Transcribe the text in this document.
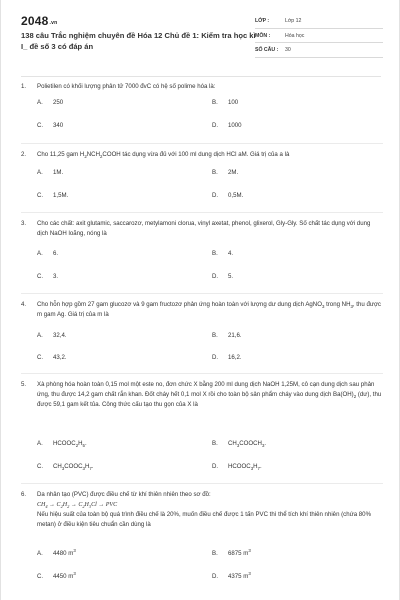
2048.vn
138 câu Trắc nghiệm chuyên đề Hóa 12 Chủ đề 1: Kiểm tra học kì I_ đề số 3 có đáp án
LỚP :	Lớp 12
MÔN :	Hóa học
SỐ CÂU : 30
1.	Polietilen có khối lượng phân tử 7000 đvC có hệ số polime hóa là:
A. 250	B. 100
C. 340	D. 1000
2.	Cho 11,25 gam $H_2NCH_2COOH$ tác dụng vừa đủ với 100 ml dung dịch HCl aM. Giá trị của a là
A. 1M.	B. 2M.
C. 1,5M.	D. 0,5M.
3.	Cho các chất: axit glutamic, saccarozơ, metylamoni clorua, vinyl axetat, phenol, glixerol, Gly-Gly. Số chất tác dụng với dung dịch NaOH loãng, nóng là
A. 6.	B. 4.
C. 3.	D. 5.
4.	Cho hỗn hợp gồm 27 gam glucozơ và 9 gam fructozơ phản ứng hoàn toàn với lượng dư dung dịch AgNO$_3$ trong $NH_3$, thu được m gam Ag. Giá trị của m là
A. 32,4.	B. 21,6.
C. 43,2.	D. 16,2.
5.	Xà phòng hóa hoàn toàn 0,15 mol một este no, đơn chức X bằng 200 ml dung dịch NaOH 1,25M, cô cạn dung dịch sau phản ứng, thu được 14,2 gam chất rắn khan. Đốt cháy hết 0,1 mol X rồi cho toàn bộ sản phẩm cháy vào dung dịch $Ba(OH)_2$ (dư), thu được 59,1 gam kết tủa. Công thức cấu tạo thu gọn của X là
A. $HCOOC_2H_5$.	B. $CH_3COOCH_3$.
C. $CH_3COOC_3H_7$.	D. $HCOOC_3H_7$.
6.	Da nhân tạo (PVC) được điều chế từ khí thiên nhiên theo sơ đồ:
$CH_4 \to C_2H_2 \to C_2H_3Cl$ → PVC
Nếu hiệu suất của toàn bộ quá trình điều chế là 20%, muốn điều chế được 1 tấn PVC thì thể tích khí thiên nhiên (chứa 80% metan) ở điều kiện tiêu chuẩn cần dùng là
A. 4480 $m^3$	B. 6875 $m^3$
C. 4450 $m^3$	D. 4375 $m^3$
